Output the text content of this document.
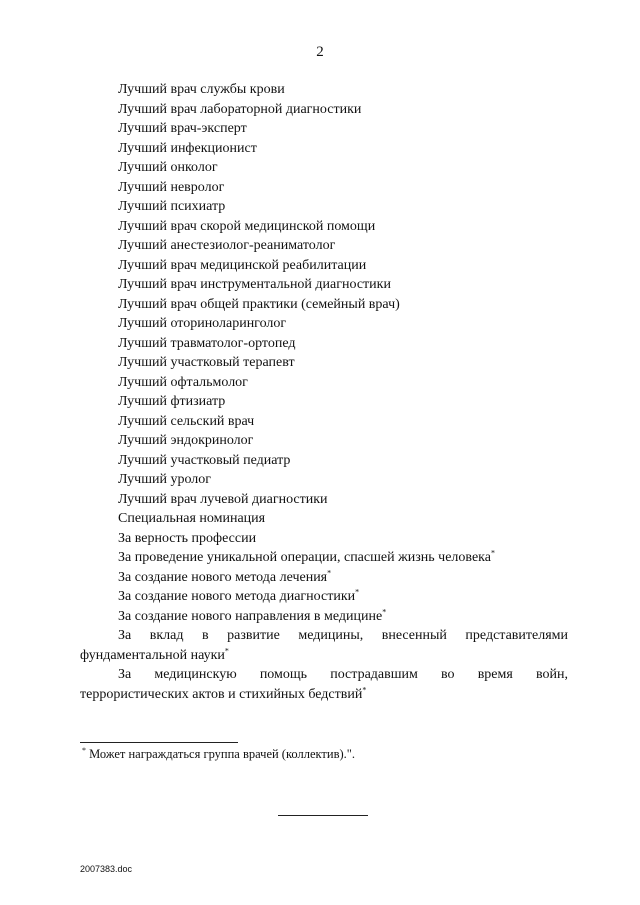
2
Лучший врач службы крови
Лучший врач лабораторной диагностики
Лучший врач-эксперт
Лучший инфекционист
Лучший онколог
Лучший невролог
Лучший психиатр
Лучший врач скорой медицинской помощи
Лучший анестезиолог-реаниматолог
Лучший врач медицинской реабилитации
Лучший врач инструментальной диагностики
Лучший врач общей практики (семейный врач)
Лучший оториноларинголог
Лучший травматолог-ортопед
Лучший участковый терапевт
Лучший офтальмолог
Лучший фтизиатр
Лучший сельский врач
Лучший эндокринолог
Лучший участковый педиатр
Лучший уролог
Лучший врач лучевой диагностики
Специальная номинация
За верность профессии
За проведение уникальной операции, спасшей жизнь человека*
За создание нового метода лечения*
За создание нового метода диагностики*
За создание нового направления в медицине*
За вклад в развитие медицины, внесенный представителями
фундаментальной науки*
За медицинскую помощь пострадавшим во время войн,
террористических актов и стихийных бедствий*
* Может награждаться группа врачей (коллектив).".
2007383.doc
